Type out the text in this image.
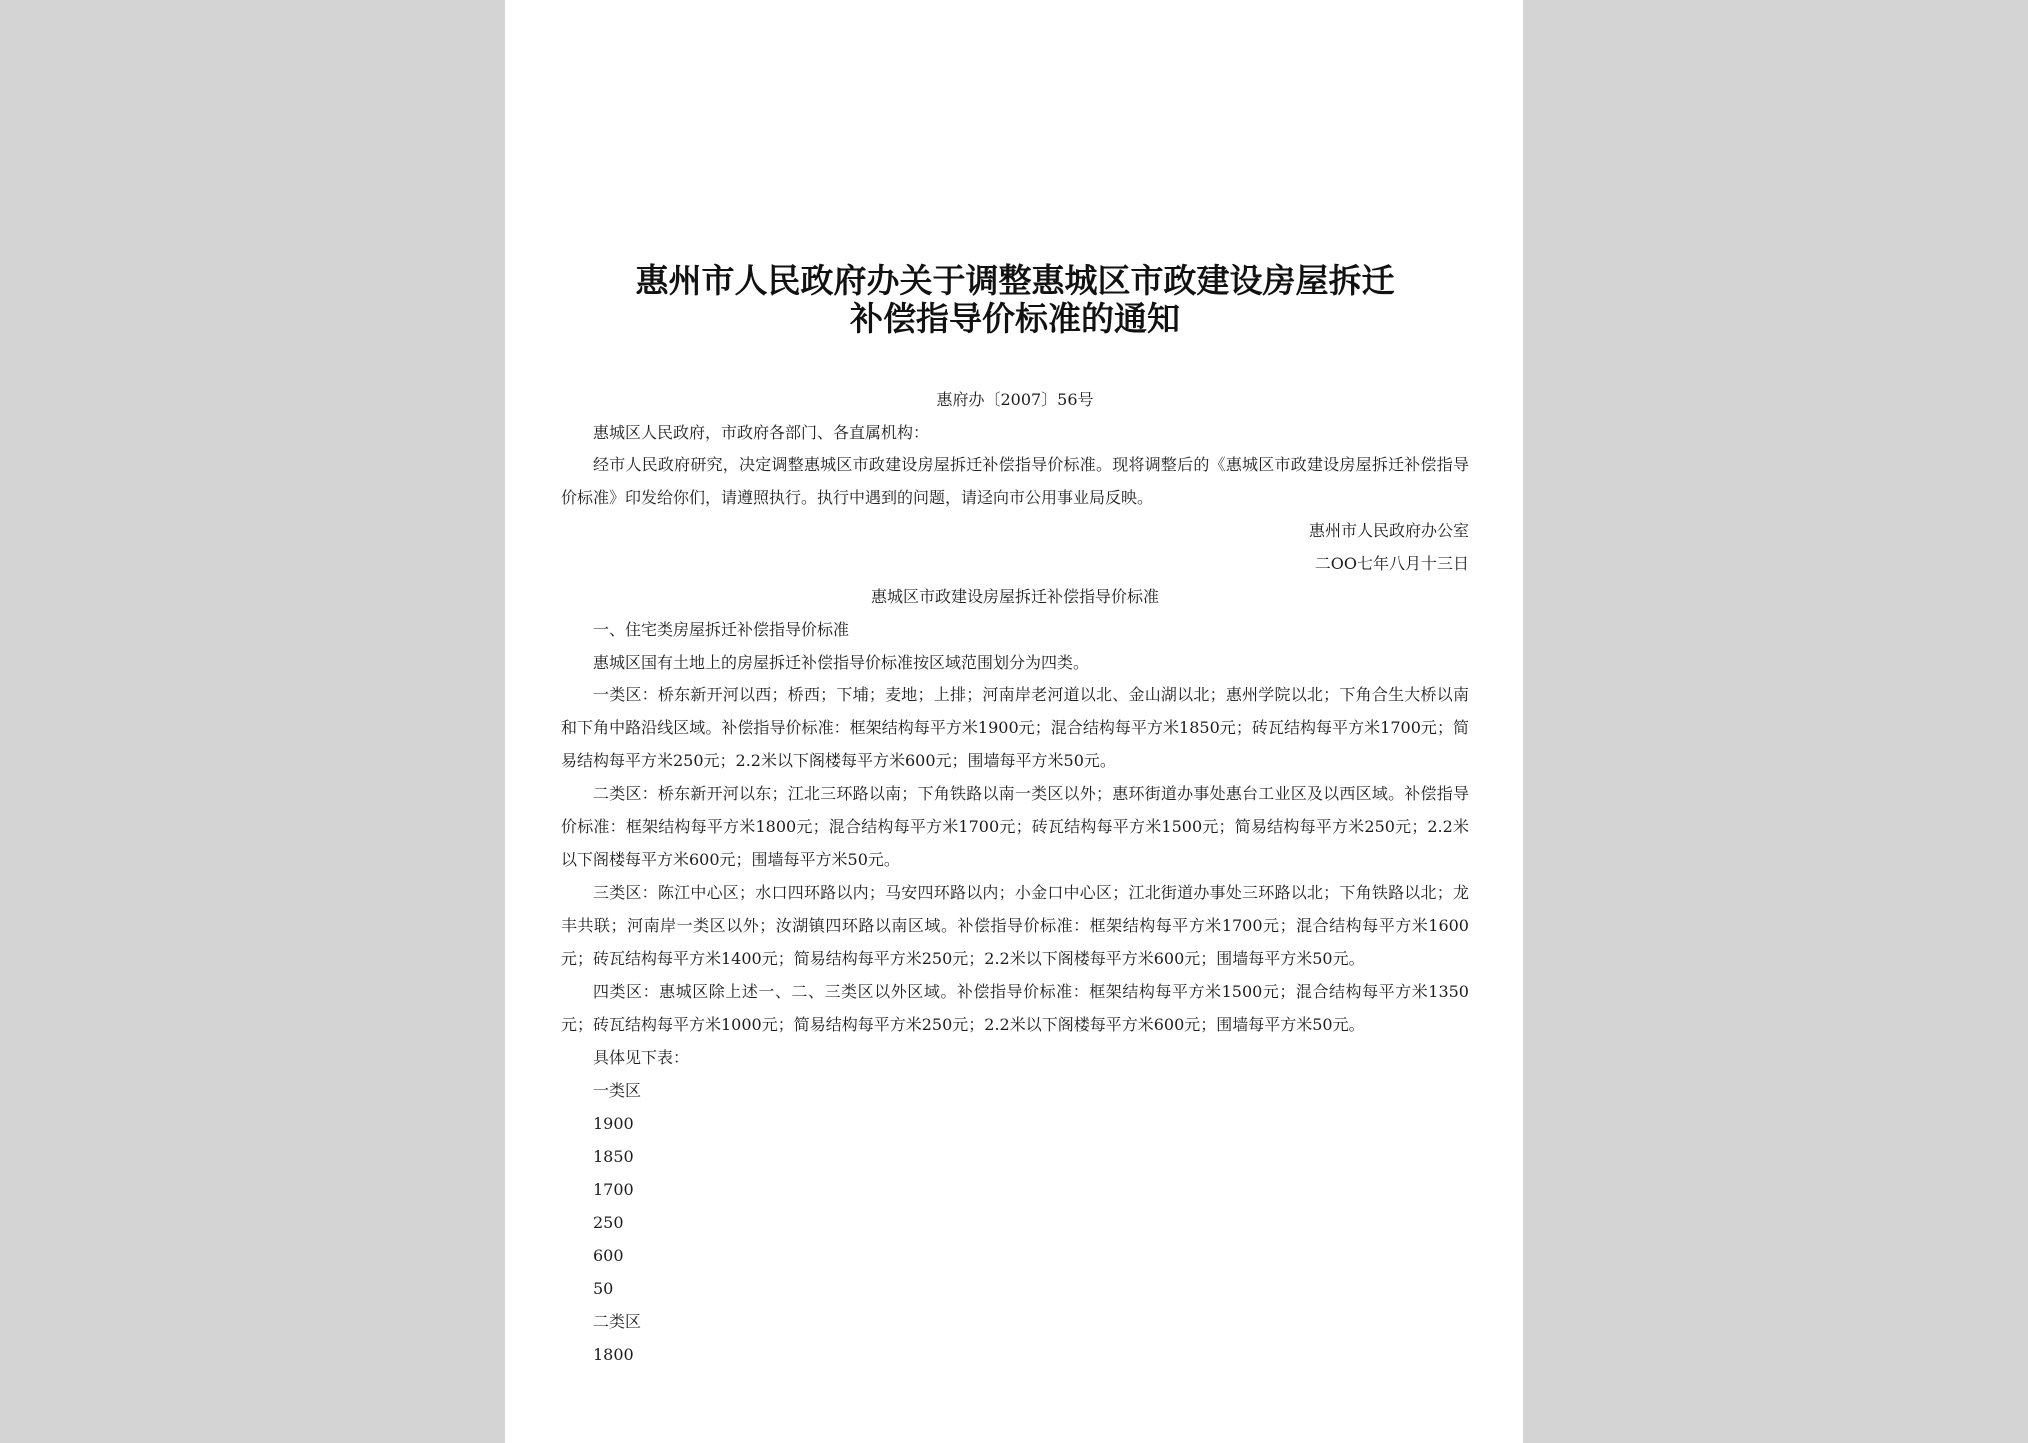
惠州市人民政府办关于调整惠城区市政建设房屋拆迁
补偿指导价标准的通知
惠府办〔2007〕56号
惠城区人民政府，市政府各部门、各直属机构：
经市人民政府研究，决定调整惠城区市政建设房屋拆迁补偿指导价标准。现将调整后的《惠城区市政建设房屋拆迁补偿指导价标准》印发给你们，请遵照执行。执行中遇到的问题，请迳向市公用事业局反映。
惠州市人民政府办公室
二OO七年八月十三日
惠城区市政建设房屋拆迁补偿指导价标准
一、住宅类房屋拆迁补偿指导价标准
惠城区国有土地上的房屋拆迁补偿指导价标准按区域范围划分为四类。
一类区：桥东新开河以西；桥西；下埔；麦地；上排；河南岸老河道以北、金山湖以北；惠州学院以北；下角合生大桥以南和下角中路沿线区域。补偿指导价标准：框架结构每平方米1900元；混合结构每平方米1850元；砖瓦结构每平方米1700元；简易结构每平方米250元；2.2米以下阁楼每平方米600元；围墙每平方米50元。
二类区：桥东新开河以东；江北三环路以南；下角铁路以南一类区以外；惠环街道办事处惠台工业区及以西区域。补偿指导价标准：框架结构每平方米1800元；混合结构每平方米1700元；砖瓦结构每平方米1500元；简易结构每平方米250元；2.2米以下阁楼每平方米600元；围墙每平方米50元。
三类区：陈江中心区；水口四环路以内；马安四环路以内；小金口中心区；江北街道办事处三环路以北；下角铁路以北；龙丰共联；河南岸一类区以外；汝湖镇四环路以南区域。补偿指导价标准：框架结构每平方米1700元；混合结构每平方米1600元；砖瓦结构每平方米1400元；简易结构每平方米250元；2.2米以下阁楼每平方米600元；围墙每平方米50元。
四类区：惠城区除上述一、二、三类区以外区域。补偿指导价标准：框架结构每平方米1500元；混合结构每平方米1350元；砖瓦结构每平方米1000元；简易结构每平方米250元；2.2米以下阁楼每平方米600元；围墙每平方米50元。
具体见下表：
一类区
1900
1850
1700
250
600
50
二类区
1800
